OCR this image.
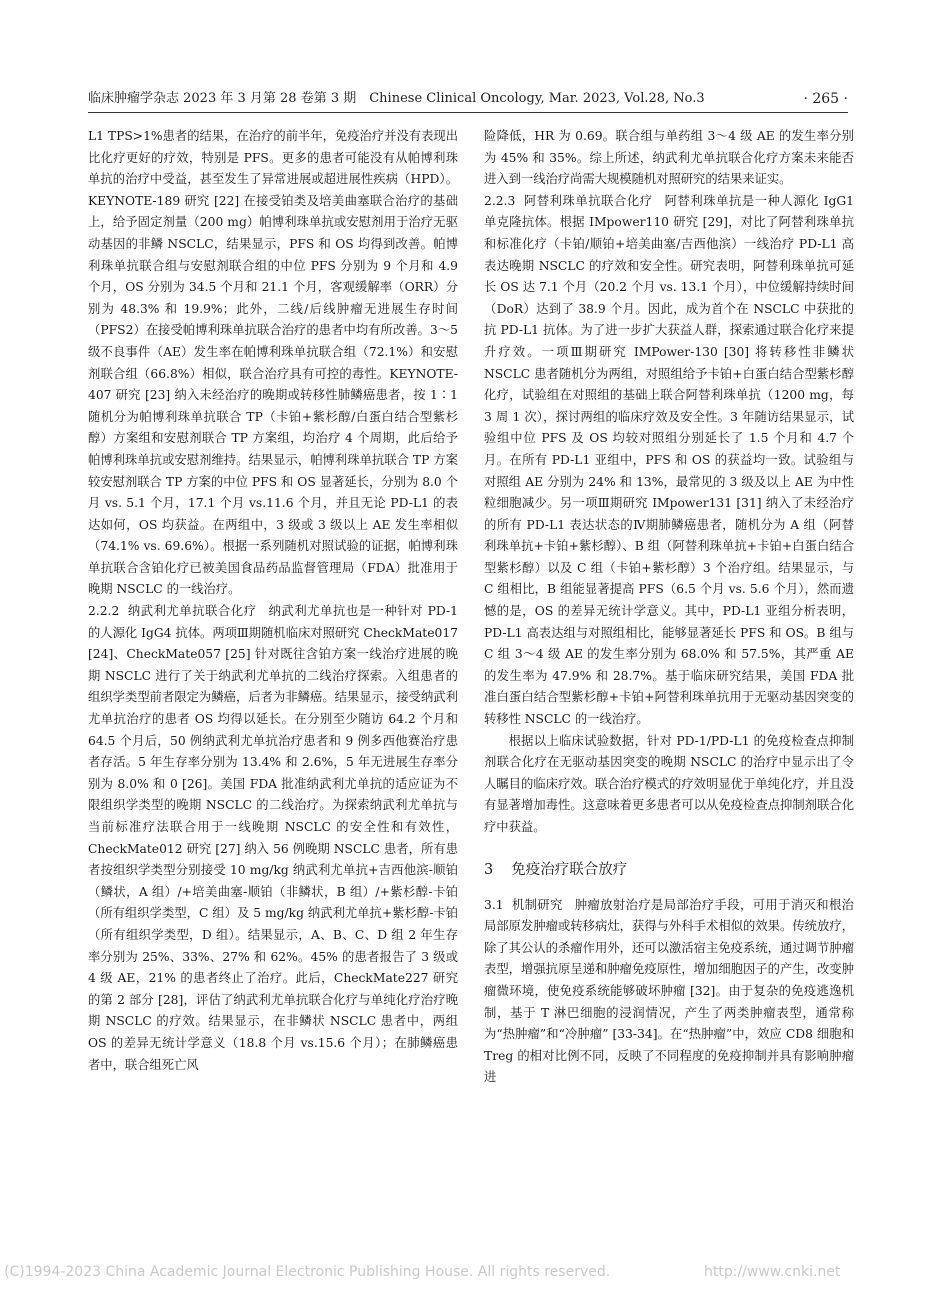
临床肿瘤学杂志 2023 年 3 月第 28 卷第 3 期　Chinese Clinical Oncology, Mar. 2023, Vol.28, No.3	· 265 ·

L1 TPS>1%患者的结果，在治疗的前半年，免疫治疗并没有表现出比化疗更好的疗效，特别是 PFS。更多的患者可能没有从帕博利珠单抗的治疗中受益，甚至发生了异常进展或超进展性疾病（HPD）。KEYNOTE-189 研究 [22] 在接受铂类及培美曲塞联合治疗的基础上，给予固定剂量（200 mg）帕博利珠单抗或安慰剂用于治疗无驱动基因的非鳞 NSCLC，结果显示，PFS 和 OS 均得到改善。帕博利珠单抗联合组与安慰剂联合组的中位 PFS 分别为 9 个月和 4.9 个月，OS 分别为 34.5 个月和 21.1 个月，客观缓解率（ORR）分别为 48.3% 和 19.9%；此外，二线/后线肿瘤无进展生存时间（PFS2）在接受帕博利珠单抗联合治疗的患者中均有所改善。3～5 级不良事件（AE）发生率在帕博利珠单抗联合组（72.1%）和安慰剂联合组（66.8%）相似，联合治疗具有可控的毒性。KEYNOTE-407 研究 [23] 纳入未经治疗的晚期或转移性肺鳞癌患者，按 1∶1随机分为帕博利珠单抗联合 TP（卡铂+紫杉醇/白蛋白结合型紫杉醇）方案组和安慰剂联合 TP 方案组，均治疗 4 个周期，此后给予帕博利珠单抗或安慰剂维持。结果显示，帕博利珠单抗联合 TP 方案较安慰剂联合 TP 方案的中位 PFS 和 OS 显著延长，分别为 8.0 个月 vs. 5.1 个月，17.1 个月 vs.11.6 个月，并且无论 PD-L1 的表达如何，OS 均获益。在两组中，3 级或 3 级以上 AE 发生率相似（74.1% vs. 69.6%）。根据一系列随机对照试验的证据，帕博利珠单抗联合含铂化疗已被美国食品药品监督管理局（FDA）批准用于晚期 NSCLC 的一线治疗。

2.2.2 纳武利尤单抗联合化疗 纳武利尤单抗也是一种针对 PD-1 的人源化 IgG4 抗体。两项Ⅲ期随机临床对照研究 CheckMate017 [24]、CheckMate057 [25] 针对既往含铂方案一线治疗进展的晚期 NSCLC 进行了关于纳武利尤单抗的二线治疗探索。入组患者的组织学类型前者限定为鳞癌，后者为非鳞癌。结果显示，接受纳武利尤单抗治疗的患者 OS 均得以延长。在分别至少随访 64.2 个月和 64.5 个月后，50 例纳武利尤单抗治疗患者和 9 例多西他赛治疗患者存活。5 年生存率分别为 13.4% 和 2.6%，5 年无进展生存率分别为 8.0% 和 0 [26]。美国 FDA 批准纳武利尤单抗的适应证为不限组织学类型的晚期 NSCLC 的二线治疗。为探索纳武利尤单抗与当前标准疗法联合用于一线晚期 NSCLC 的安全性和有效性，CheckMate012 研究 [27] 纳入 56 例晚期 NSCLC 患者，所有患者按组织学类型分别接受 10 mg/kg 纳武利尤单抗+吉西他滨-顺铂（鳞状，A 组）/+培美曲塞-顺铂（非鳞状，B 组）/+紫杉醇-卡铂（所有组织学类型，C 组）及 5 mg/kg 纳武利尤单抗+紫杉醇-卡铂（所有组织学类型，D 组）。结果显示，A、B、C、D 组 2 年生存率分别为 25%、33%、27% 和 62%。45% 的患者报告了 3 级或 4 级 AE，21% 的患者终止了治疗。此后，CheckMate227 研究的第 2 部分 [28]，评估了纳武利尤单抗联合化疗与单纯化疗治疗晚期 NSCLC 的疗效。结果显示，在非鳞状 NSCLC 患者中，两组 OS 的差异无统计学意义（18.8 个月 vs.15.6 个月）；在肺鳞癌患者中，联合组死亡风

险降低，HR 为 0.69。联合组与单药组 3～4 级 AE 的发生率分别为 45% 和 35%。综上所述，纳武利尤单抗联合化疗方案未来能否进入到一线治疗尚需大规模随机对照研究的结果来证实。

2.2.3 阿替利珠单抗联合化疗 阿替利珠单抗是一种人源化 IgG1 单克隆抗体。根据 IMpower110 研究 [29]，对比了阿替利珠单抗和标准化疗（卡铂/顺铂+培美曲塞/吉西他滨）一线治疗 PD-L1 高表达晚期 NSCLC 的疗效和安全性。研究表明，阿替利珠单抗可延长 OS 达 7.1 个月（20.2 个月 vs. 13.1 个月），中位缓解持续时间（DoR）达到了 38.9 个月。因此，成为首个在 NSCLC 中获批的抗 PD-L1 抗体。为了进一步扩大获益人群，探索通过联合化疗来提升疗效。一项Ⅲ期研究 IMPower-130 [30] 将转移性非鳞状 NSCLC 患者随机分为两组，对照组给予卡铂+白蛋白结合型紫杉醇化疗，试验组在对照组的基础上联合阿替利珠单抗（1200 mg，每 3 周 1 次），探讨两组的临床疗效及安全性。3 年随访结果显示，试验组中位 PFS 及 OS 均较对照组分别延长了 1.5 个月和 4.7 个月。在所有 PD-L1 亚组中，PFS 和 OS 的获益均一致。试验组与对照组 AE 分别为 24% 和 13%，最常见的 3 级及以上 AE 为中性粒细胞减少。另一项Ⅲ期研究 IMpower131 [31] 纳入了未经治疗的所有 PD-L1 表达状态的Ⅳ期肺鳞癌患者，随机分为 A 组（阿替利珠单抗+卡铂+紫杉醇）、B 组（阿替利珠单抗+卡铂+白蛋白结合型紫杉醇）以及 C 组（卡铂+紫杉醇）3 个治疗组。结果显示，与 C 组相比，B 组能显著提高 PFS（6.5 个月 vs. 5.6 个月），然而遗憾的是，OS 的差异无统计学意义。其中，PD-L1 亚组分析表明，PD-L1 高表达组与对照组相比，能够显著延长 PFS 和 OS。B 组与 C 组 3～4 级 AE 的发生率分别为 68.0% 和 57.5%，其严重 AE 的发生率为 47.9% 和 28.7%。基于临床研究结果，美国 FDA 批准白蛋白结合型紫杉醇+卡铂+阿替利珠单抗用于无驱动基因突变的转移性 NSCLC 的一线治疗。

根据以上临床试验数据，针对 PD-1/PD-L1 的免疫检查点抑制剂联合化疗在无驱动基因突变的晚期 NSCLC 的治疗中显示出了令人瞩目的临床疗效。联合治疗模式的疗效明显优于单纯化疗，并且没有显著增加毒性。这意味着更多患者可以从免疫检查点抑制剂联合化疗中获益。

3 免疫治疗联合放疗

3.1 机制研究 肿瘤放射治疗是局部治疗手段，可用于消灭和根治局部原发肿瘤或转移病灶，获得与外科手术相似的效果。传统放疗，除了其公认的杀瘤作用外，还可以激活宿主免疫系统，通过调节肿瘤表型，增强抗原呈递和肿瘤免疫原性，增加细胞因子的产生，改变肿瘤微环境，使免疫系统能够破坏肿瘤 [32]。由于复杂的免疫逃逸机制，基于 T 淋巴细胞的浸润情况，产生了两类肿瘤表型，通常称为“热肿瘤”和“冷肿瘤” [33-34]。在“热肿瘤”中，效应 CD8 细胞和 Treg 的相对比例不同，反映了不同程度的免疫抑制并具有影响肿瘤进

(C)1994-2023 China Academic Journal Electronic Publishing House. All rights reserved.	http://www.cnki.net
